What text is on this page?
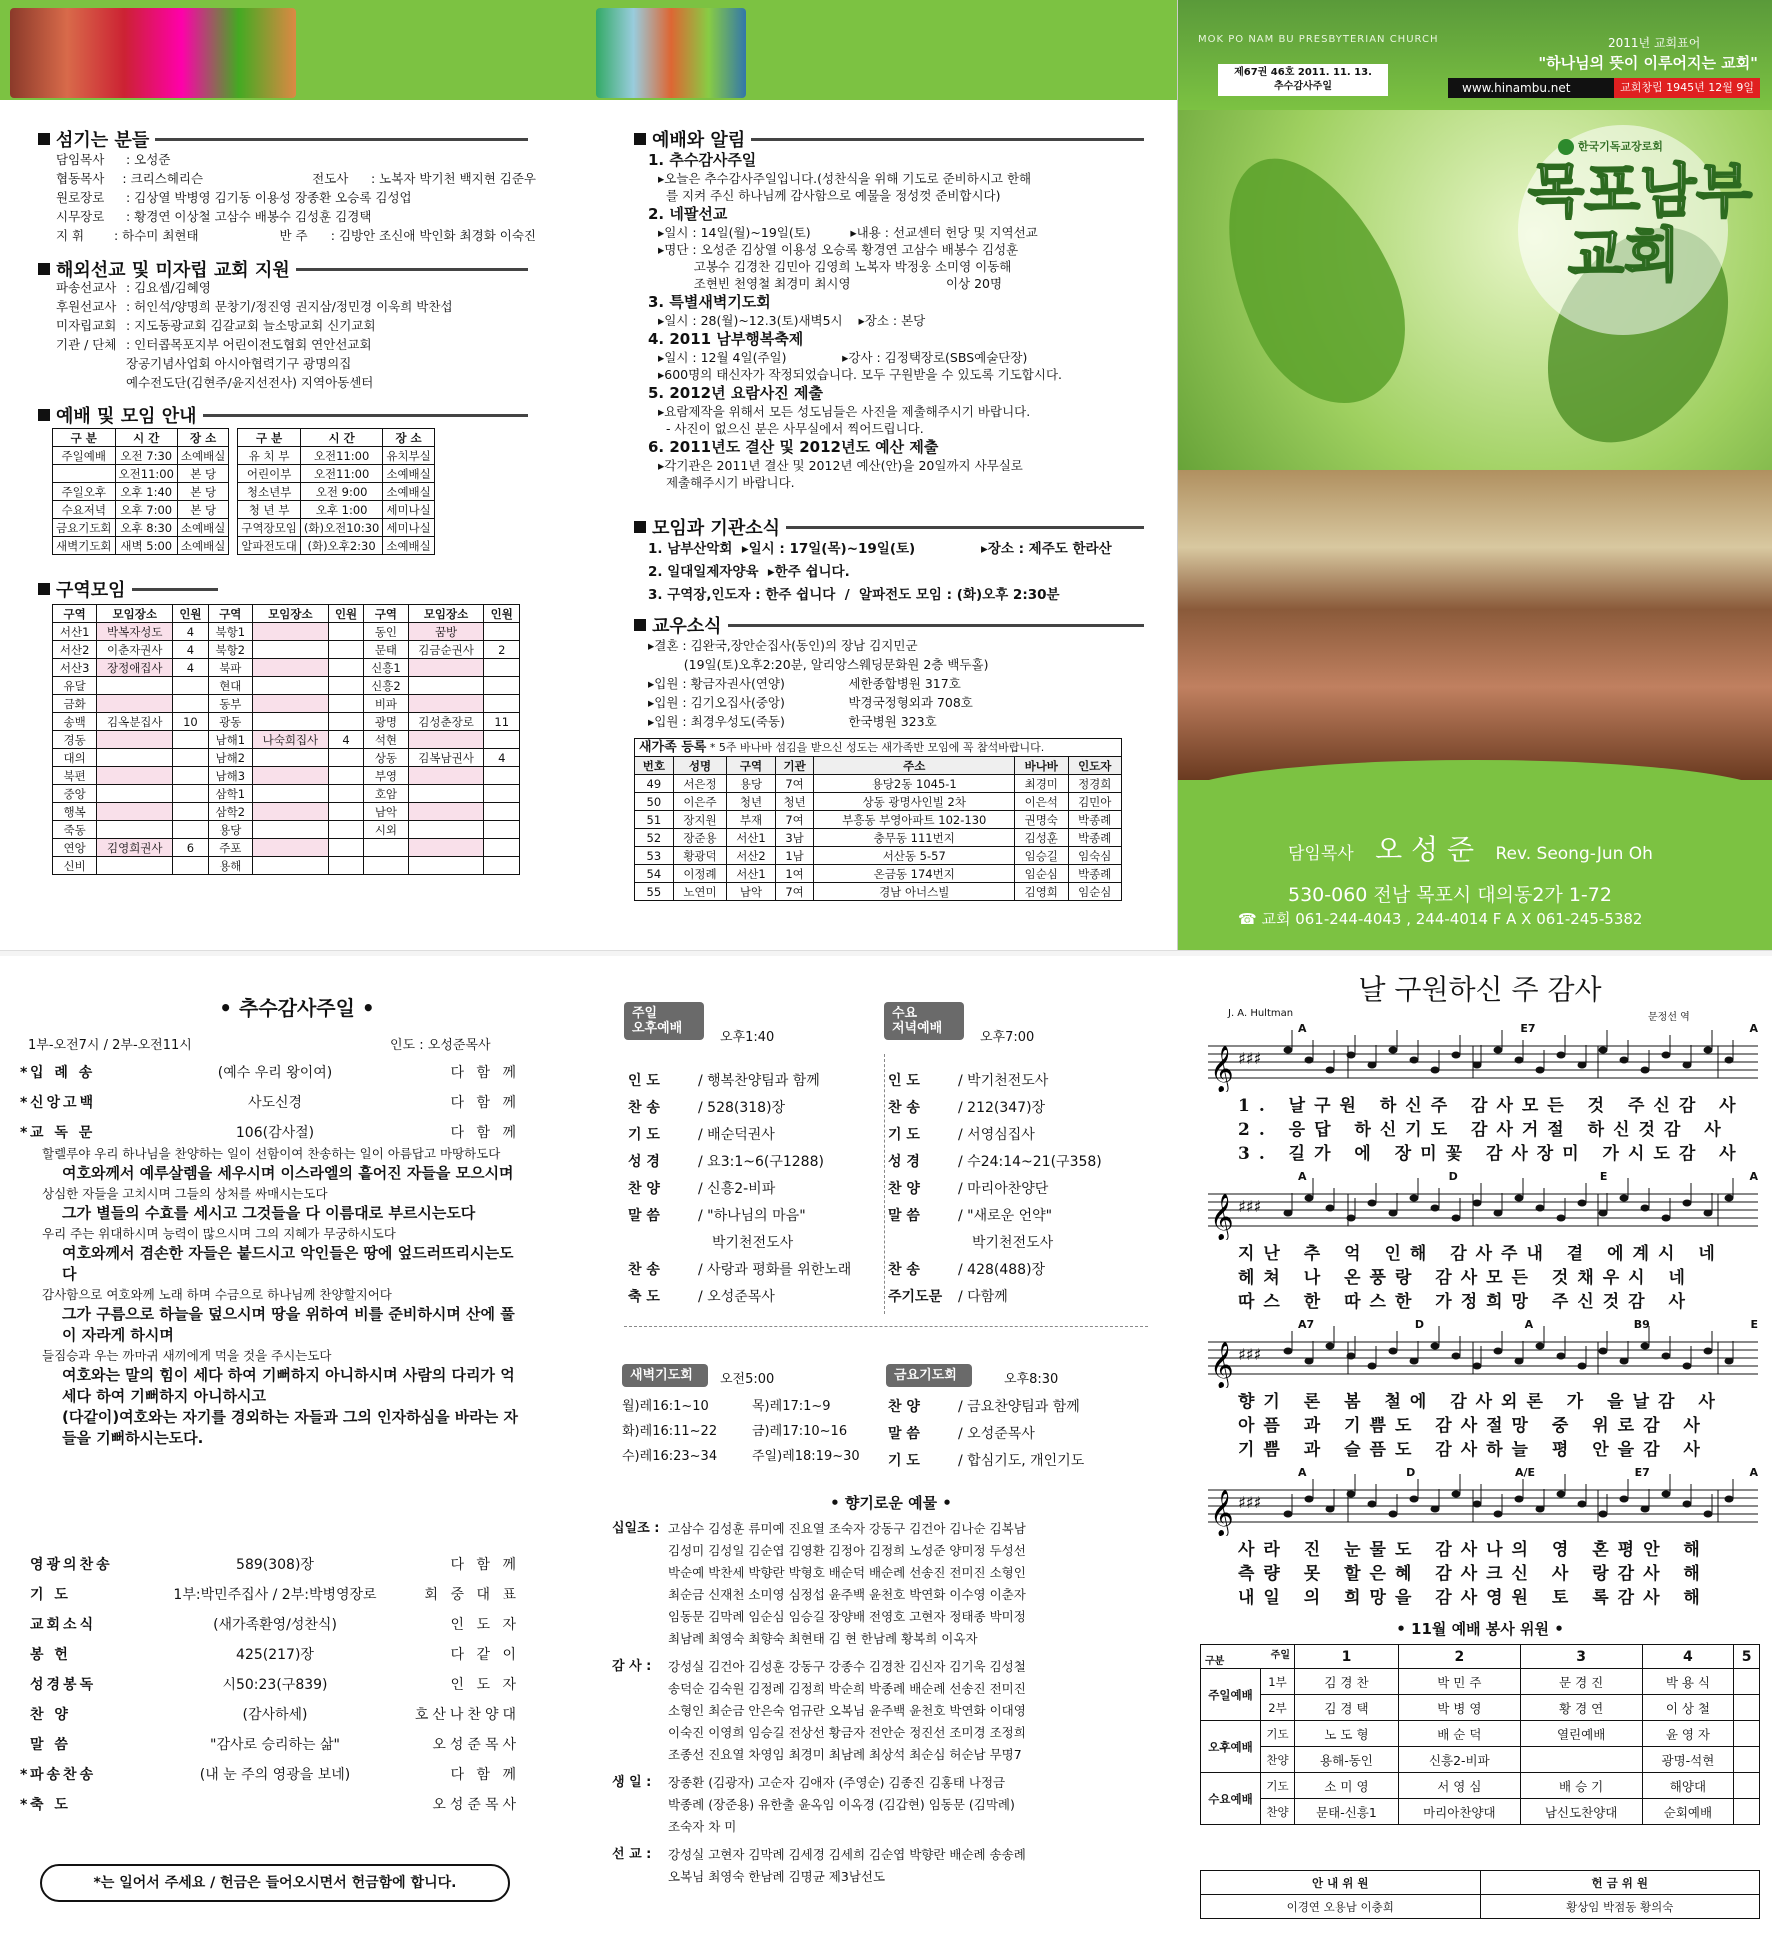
섬기는 분들
담임목사	: 오성준
협동목사	: 크리스헤리슨	전도사	: 노복자 박기천 백지현 김준우
원로장로	: 김상열 박병영 김기동 이용성 장종환 오승록 김성업
시무장로	: 황경연 이상철 고삼수 배봉수 김성훈 김경택
지 휘	: 하수미 최현태	반 주	: 김방안 조신애 박인화 최경화 이숙진
해외선교 및 미자립 교회 지원
파송선교사 : 김요셉/김혜영
후원선교사 : 허인석/양명희 문창기/정진영 권지삼/정민경 이욱희 박찬섭
미자립교회 : 지도동광교회 김갈교회 늘소망교회 신기교회
기관 / 단체 : 인터콥목포지부 어린이전도협회 연안선교회
장공기념사업회 아시아협력기구 광명의집
예수전도단(김현주/윤지선전사) 지역아동센터
예배 및 모임 안내
구 분	시 간	장 소
주일예배	오전 7:30	소예배실
	오전11:00	본 당
주일오후	오후 1:40	본 당
수요저녁	오후 7:00	본 당
금요기도회	오후 8:30	소예배실
새벽기도회	새벽 5:00	소예배실
구 분	시 간	장 소
유 치 부	오전11:00	유치부실
어린이부	오전11:00	소예배실
청소년부	오전 9:00	소예배실
청 년 부	오후 1:00	세미나실
구역장모임	(화)오전10:30	세미나실
알파전도대	(화)오후2:30	소예배실
구역모임
구역	모임장소	인원	구역	모임장소	인원	구역	모임장소	인원
서산1	박복자성도	4	북항1			동인	꿈방	
서산2	이춘자권사	4	북항2			문태	김금순권사	2
서산3	장정애집사	4	북파			신흥1		
유달			현대			신흥2		
금화			동부			비파		
송백	김옥분집사	10	광동			광명	김성춘장로	11
경동			남해1	나숙희집사	4	석현		
대의			남해2			상동	김복남권사	4
북편			남해3			부영		
중앙			삼학1			호암		
행복			삼학2			남악		
죽동			용당			시외		
연앙	김영희권사	6	주포					
신비			용해					
예배와 알림
1. 추수감사주일
▸오늘은 추수감사주일입니다.(성찬식을 위해 기도로 준비하시고 한해
를 지켜 주신 하나님께 감사함으로 예물을 정성껏 준비합시다)
2. 네팔선교
▸일시 : 14일(월)~19일(토)          ▸내용 : 선교센터 헌당 및 지역선교
▸명단 : 오성준 김상열 이용성 오승록 황경연 고삼수 배봉수 김성훈
고봉수 김경찬 김민아 김영희 노복자 박정웅 소미영 이동해
조현빈 천영철 최경미 최시영                        이상 20명
3. 특별새벽기도회
▸일시 : 28(월)~12.3(토)새벽5시    ▸장소 : 본당
4. 2011 남부행복축제
▸일시 : 12월 4일(주일)              ▸강사 : 김정택장로(SBS예술단장)
▸600명의 태신자가 작정되었습니다. 모두 구원받을 수 있도록 기도합시다.
5. 2012년 요람사진 제출
▸요람제작을 위해서 모든 성도님들은 사진을 제출해주시기 바랍니다.
- 사진이 없으신 분은 사무실에서 찍어드립니다.
6. 2011년도 결산 및 2012년도 예산 제출
▸각기관은 2011년 결산 및 2012년 예산(안)을 20일까지 사무실로
제출해주시기 바랍니다.
모임과 기관소식
1. 남부산악회  ▸일시 : 17일(목)~19일(토)              ▸장소 : 제주도 한라산
2. 일대일제자양육  ▸한주 쉽니다.
3. 구역장,인도자 : 한주 쉽니다  /  알파전도 모임 : (화)오후 2:30분
교우소식
▸결혼 : 김완국,장안순집사(동인)의 장남 김지민군
(19일(토)오후2:20분, 알리앙스웨딩문화원 2층 백두홀)
▸입원 : 황금자권사(연양)                세한종합병원 317호
▸입원 : 김기오집사(중앙)                박경국정형외과 708호
▸입원 : 최경우성도(죽동)                한국병원 323호
새가족 등록 * 5주 바나바 섬김을 받으신 성도는 새가족반 모임에 꼭 참석바랍니다.
번호	성명	구역	기관	주소	바나바	인도자
49	서은정	용당	7여	용당2동 1045-1	최경미	정경희
50	이은주	청년	청년	상동 광명사인빌 2차	이은석	김민아
51	장지원	부재	7여	부흥동 부영아파트 102-130	권명숙	박종례
52	장준용	서산1	3남	충무동 111번지	김성훈	박종례
53	황광덕	서산2	1남	서산동 5-57	임승길	임숙심
54	이정례	서산1	1여	온금동 174번지	임순심	박종례
55	노연미	남악	7여	경남 아너스빌	김영희	임순심
MOK PO NAM BU PRESBYTERIAN CHURCH
제67권 46호 2011. 11. 13.
추수감사주일
2011년 교회표어
"하나님의 뜻이 이루어지는 교회"
www.hinambu.net	교회창립 1945년 12월 9일
한국기독교장로회
목포남부
교회
담임목사 오 성 준 Rev. Seong-Jun Oh
530-060 전남 목포시 대의동2가 1-72
☎ 교회 061-244-4043 , 244-4014 F A X 061-245-5382
• 추수감사주일 •
1부-오전7시 / 2부-오전11시	인도 : 오성준목사
* 입 례 송	(예수 우리 왕이여)	다 함 께
* 신앙고백	사도신경	다 함 께
* 교 독 문	106(감사절)	다 함 께
할렐루야 우리 하나님을 찬양하는 일이 선함이여 찬송하는 일이 아름답고 마땅하도다
여호와께서 예루살렘을 세우시며 이스라엘의 흩어진 자들을 모으시며
상심한 자들을 고치시며 그들의 상처를 싸매시는도다
그가 별들의 수효를 세시고 그것들을 다 이름대로 부르시는도다
우리 주는 위대하시며 능력이 많으시며 그의 지혜가 무궁하시도다
여호와께서 겸손한 자들은 붙드시고 악인들은 땅에 엎드러뜨리시는도다
감사함으로 여호와께 노래 하며 수금으로 하나님께 찬양할지어다
그가 구름으로 하늘을 덮으시며 땅을 위하여 비를 준비하시며 산에 풀이 자라게 하시며
들짐승과 우는 까마귀 새끼에게 먹을 것을 주시는도다
여호와는 말의 힘이 세다 하여 기뻐하지 아니하시며 사람의 다리가 억세다 하여 기뻐하지 아니하시고
(다같이)여호와는 자기를 경외하는 자들과 그의 인자하심을 바라는 자들을 기뻐하시는도다.
영광의찬송	589(308)장	다 함 께
기 도	1부:박민주집사 / 2부:박병영장로	회 중 대 표
교회소식	(새가족환영/성찬식)	인 도 자
봉 헌	425(217)장	다 같 이
성경봉독	시50:23(구839)	인 도 자
찬 양	(감사하세)	호산나찬양대
말 씀	"감사로 승리하는 삶"	오성준목사
* 파송찬송	(내 눈 주의 영광을 보네)	다 함 께
* 축 도	오성준목사
*는 일어서 주세요 / 헌금은 들어오시면서 헌금함에 합니다.
주일
오후예배
오후1:40
인 도	/ 행복찬양팀과 함께
찬 송	/ 528(318)장
기 도	/ 배순덕권사
성 경	/ 요3:1~6(구1288)
찬 양	/ 신흥2-비파
말 씀	/ "하나님의 마음"
박기천전도사
찬 송	/ 사랑과 평화를 위한노래
축 도	/ 오성준목사
수요
저녁예배
오후7:00
인 도	/ 박기천전도사
찬 송	/ 212(347)장
기 도	/ 서영심집사
성 경	/ 수24:14~21(구358)
찬 양	/ 마리아찬양단
말 씀	/ "새로운 언약"
박기천전도사
찬 송	/ 428(488)장
주기도문 / 다함께
새벽기도회	오전5:00
월)레16:1~10	목)레17:1~9
화)레16:11~22	금)레17:10~16
수)레16:23~34	주일)레18:19~30
금요기도회	오후8:30
찬 양	/ 금요찬양팀과 함께
말 씀	/ 오성준목사
기 도	/ 합심기도, 개인기도
• 향기로운 예물 •
십일조 : 고삼수 김성훈 류미예 진요열 조숙자 강동구 김건아 김나순 김복남
김성미 김성일 김순엽 김영환 김정아 김정희 노성준 양미정 두성선
박순예 박찬세 박향란 박형호 배순덕 배순례 선송진 전미진 소형인
최순금 신재천 소미영 심정섭 윤주백 윤천호 박연화 이수영 이춘자
임동문 김막례 임순심 임승길 장양배 전영호 고현자 정태종 박미정
최남례 최영숙 최향숙 최현태 김 현 한남례 황복희 이옥자
감 사 :	강성실 김건아 김성훈 강동구 강종수 김경찬 김신자 김기욱 김성철
송덕순 김숙원 김정례 김정희 박순희 박종례 배순례 선송진 전미진
소형인 최순금 안은숙 엄규란 오복님 윤주백 윤천호 박연화 이대영
이숙진 이영희 임승길 전상선 황금자 전안순 정진선 조미경 조정희
조종선 진요열 차영임 최경미 최남례 최상석 최순심 허순남 무명7
생 일 :	장종환 (김광자) 고순자 김애자 (주영순) 김종진 김홍태 나정금
박종례 (장준용) 유한출 윤옥임 이옥경 (김갑현) 임동문 (김막례)
조숙자 차 미
선 교 :	강성실 고현자 김막례 김세경 김세희 김순엽 박향란 배순례 송송례
오복님 최영숙 한남례 김명균 제3남선도
날 구원하신 주 감사
J. A. Hultman	문정선 역
𝄞 ♯♯♯
A	E7	A
1. 날구원 하신주 감사모든 것 주신감 사
2. 응답 하신기도 감사거절 하신것감 사
3. 길가 에 장미꽃 감사장미 가시도감 사
𝄞 ♯♯♯
A	D	E	A
지난 추 억 인해 감사주내 곁 에계시 네
헤쳐 나 온풍랑 감사모든 것채우시 네
따스 한 따스한 가정희망 주신것감 사
𝄞 ♯♯♯
A7	D	A	B9	E
향기 론 봄 철에 감사외론 가 을날감 사
아픔 과 기쁨도 감사절망 중 위로감 사
기쁨 과 슬픔도 감사하늘 평 안을감 사
𝄞 ♯♯♯
A	D	A/E	E7	A
사라 진 눈물도 감사나의 영 혼평안 해
측량 못 할은혜 감사크신 사 랑감사 해
내일 의 희망을 감사영원 토 록감사 해
• 11월 예배 봉사 위원 •
주일
구분		1	2	3	4	5
주일예배	1부	김 경 찬	박 민 주	문 경 진	박 용 식	
	2부	김 경 택	박 병 영	황 경 연	이 상 철	
오후예배	기도	노 도 형	배 순 덕	열린예배	윤 영 자	
	찬양	용해-동인	신흥2-비파		광명-석현	
수요예배	기도	소 미 영	서 영 심	배 승 기	해양대	
	찬양	문태-신흥1	마리아찬양대	남신도찬양대	순회예배	
안 내 위 원	헌 금 위 원
이경연 오용남 이충희	황상임 박점동 황의숙
